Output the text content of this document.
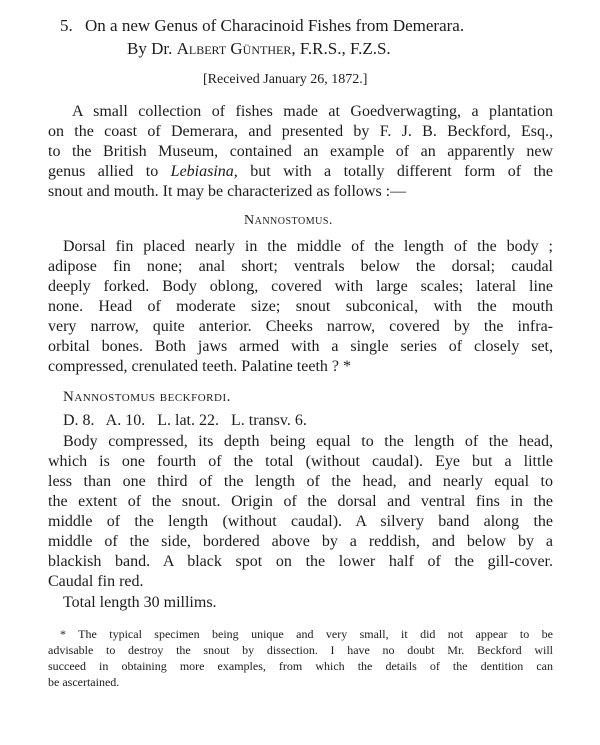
5. On a new Genus of Characinoid Fishes from Demerara.
By Dr. Albert Günther, F.R.S., F.Z.S.
[Received January 26, 1872.]
A small collection of fishes made at Goedverwagting, a plantation
on the coast of Demerara, and presented by F. J. B. Beckford, Esq.,
to the British Museum, contained an example of an apparently new
genus allied to Lebiasina, but with a totally different form of the
snout and mouth. It may be characterized as follows :—
Nannostomus.
Dorsal fin placed nearly in the middle of the length of the body ;
adipose fin none; anal short; ventrals below the dorsal; caudal
deeply forked. Body oblong, covered with large scales; lateral line
none. Head of moderate size; snout subconical, with the mouth
very narrow, quite anterior. Cheeks narrow, covered by the infra-
orbital bones. Both jaws armed with a single series of closely set,
compressed, crenulated teeth. Palatine teeth ? *
Nannostomus beckfordi.
D. 8.   A. 10.   L. lat. 22.   L. transv. 6.
Body compressed, its depth being equal to the length of the head,
which is one fourth of the total (without caudal). Eye but a little
less than one third of the length of the head, and nearly equal to
the extent of the snout. Origin of the dorsal and ventral fins in the
middle of the length (without caudal). A silvery band along the
middle of the side, bordered above by a reddish, and below by a
blackish band. A black spot on the lower half of the gill-cover.
Caudal fin red.
Total length 30 millims.
* The typical specimen being unique and very small, it did not appear to be
advisable to destroy the snout by dissection. I have no doubt Mr. Beckford will
succeed in obtaining more examples, from which the details of the dentition can
be ascertained.
